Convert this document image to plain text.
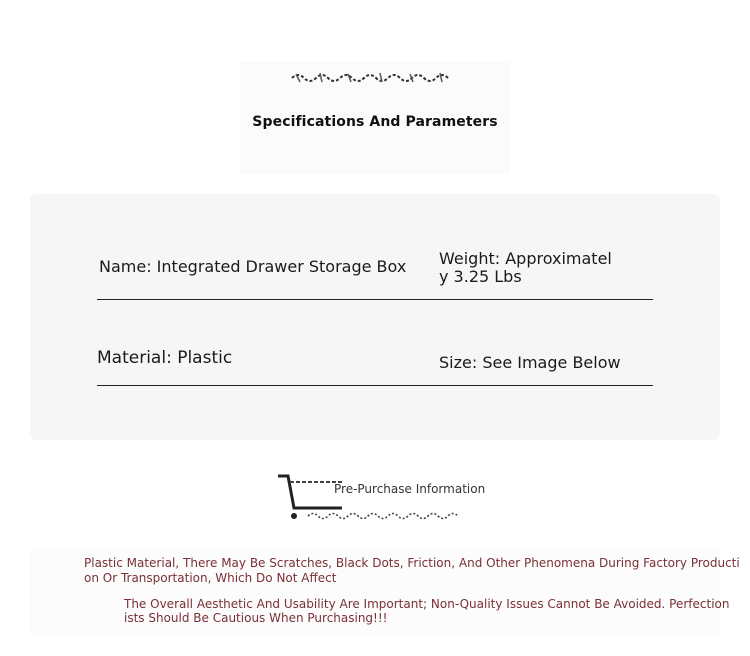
Specifications And Parameters
Name: Integrated Drawer Storage Box Weight: Approximatel
y 3.25 Lbs
Material: Plastic	Size: See Image Below
Pre-Purchase Information
Plastic Material, There May Be Scratches, Black Dots, Friction, And Other Phenomena During Factory Producti
on Or Transportation, Which Do Not Affect
The Overall Aesthetic And Usability Are Important; Non-Quality Issues Cannot Be Avoided. Perfection
ists Should Be Cautious When Purchasing!!!
